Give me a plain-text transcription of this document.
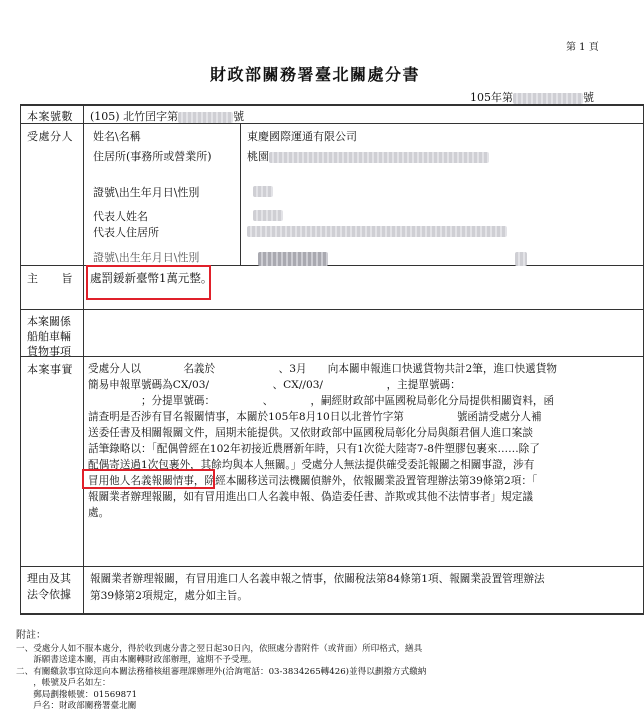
第 1 頁
財政部關務署臺北關處分書
105年第	號
本案號數 (105) 北竹囝字第	號
受處分人 姓名\名稱	東慶國際運通有限公司
住居所(事務所或營業所)	桃園
證號\出生年月日\性別
代表人姓名
代表人住居所
證號\出生年月日\性別

主　　旨 處罰鍰新臺幣1萬元整。
本案關係
船舶車輛
貨物事項
本案事實 受處分人以　　　　名義於　　　　　　、3月　　向本關申報進口快遞貨物共計2筆，進口快遞貨物
簡易申報單號碼為CX/03/　　　　　　、CX//03/　　　　　　，主提單號碼：
　　　　　；分提單號碼：　　　　　、　　　　，嗣經財政部中區國稅局彰化分局提供相關資料，函
請查明是否涉有冒名報關情事，本關於105年8月10日以北普竹字第　　　　　號函請受處分人補
送委任書及相關報關文件，屆期未能提供。又依財政部中區國稅局彰化分局與顏君個人進口案談
話筆錄略以：「配偶曾經在102年初接近農曆新年時，只有1次從大陸寄7-8件塑膠包裹來……除了
配偶寄送過1次包裹外，其餘均與本人無關。」受處分人無法提供確受委託報關之相關事證，涉有
冒用他人名義報關情事，除經本關移送司法機關偵辦外，依報關業設置管理辦法第39條第2項：「
報關業者辦理報關，如有冒用進出口人名義申報、偽造委任書、詐欺或其他不法情事者」規定議
處。
理由及其
法令依據
報關業者辦理報關，有冒用進口人名義申報之情事，依關稅法第84條第1項、報關業設置管理辦法
第39條第2項規定，處分如主旨。
附註：
一、受處分人如不服本處分，得於收到處分書之翌日起30日內，依照處分書附件（或背面）所印格式，繕具
　　訴願書送達本關，再由本關轉財政部辦理，逾期不予受理。
二、有關繳款事宜除逕向本關法務稽核組審理課辦理外(洽詢電話：03-3834265轉426)並得以劃撥方式繳納
　　，帳號及戶名如左：
　　郵局劃撥帳號：01569871
　　戶名：財政部關務署臺北關
